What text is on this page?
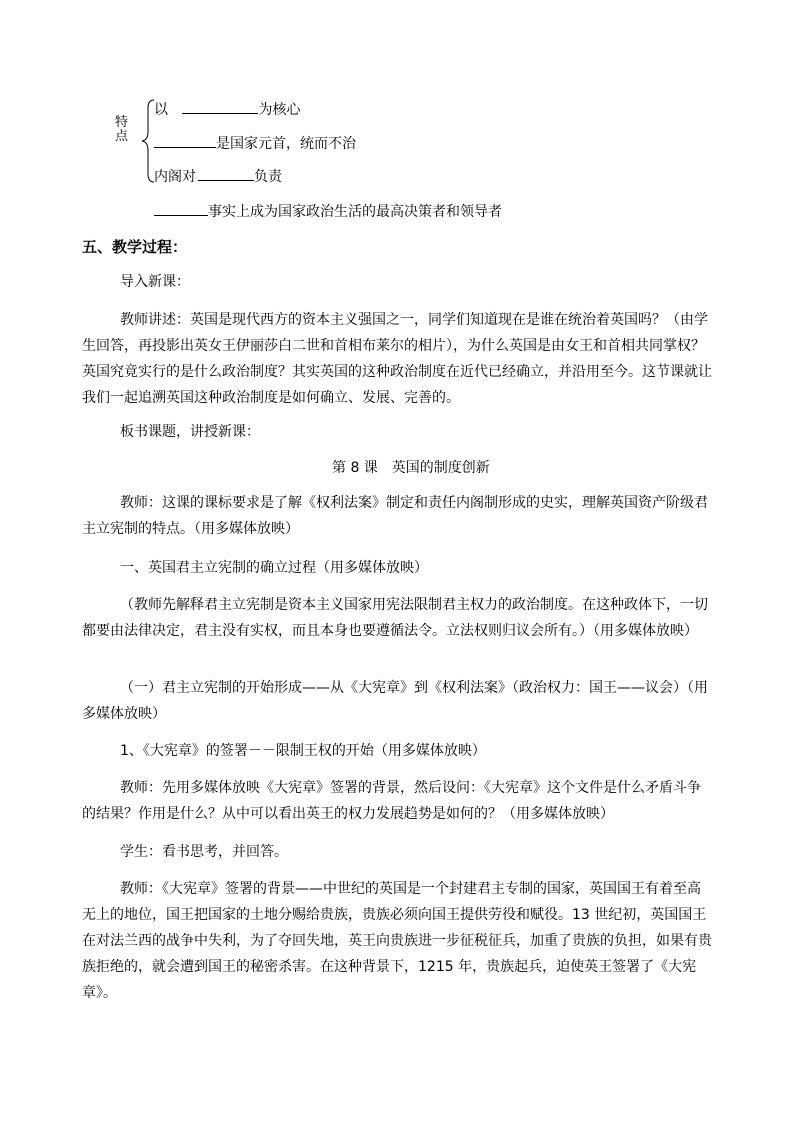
特
点
以	为核心
是国家元首，统而不治
内阁对	负责
事实上成为国家政治生活的最高决策者和领导者
五、教学过程：
导入新课：
教师讲述：英国是现代西方的资本主义强国之一，同学们知道现在是谁在统治着英国吗？（由学生回答，再投影出英女王伊丽莎白二世和首相布莱尔的相片），为什么英国是由女王和首相共同掌权？英国究竟实行的是什么政治制度？其实英国的这种政治制度在近代已经确立，并沿用至今。这节课就让我们一起追溯英国这种政治制度是如何确立、发展、完善的。
板书课题，讲授新课：
第 8 课　英国的制度创新
教师：这课的课标要求是了解《权利法案》制定和责任内阁制形成的史实，理解英国资产阶级君主立宪制的特点。（用多媒体放映）
一、英国君主立宪制的确立过程（用多媒体放映）
（教师先解释君主立宪制是资本主义国家用宪法限制君主权力的政治制度。在这种政体下，一切都要由法律决定，君主没有实权，而且本身也要遵循法令。立法权则归议会所有。）（用多媒体放映）
（一）君主立宪制的开始形成——从《大宪章》到《权利法案》（政治权力：国王——议会）（用多媒体放映）
1、《大宪章》的签署－－限制王权的开始（用多媒体放映）
教师：先用多媒体放映《大宪章》签署的背景，然后设问：《大宪章》这个文件是什么矛盾斗争的结果？作用是什么？从中可以看出英王的权力发展趋势是如何的？（用多媒体放映）
学生：看书思考，并回答。
教师：《大宪章》签署的背景——中世纪的英国是一个封建君主专制的国家，英国国王有着至高无上的地位，国王把国家的土地分赐给贵族，贵族必须向国王提供劳役和赋役。13 世纪初，英国国王在对法兰西的战争中失利，为了夺回失地，英王向贵族进一步征税征兵，加重了贵族的负担，如果有贵族拒绝的，就会遭到国王的秘密杀害。在这种背景下，1215 年，贵族起兵，迫使英王签署了《大宪章》。
